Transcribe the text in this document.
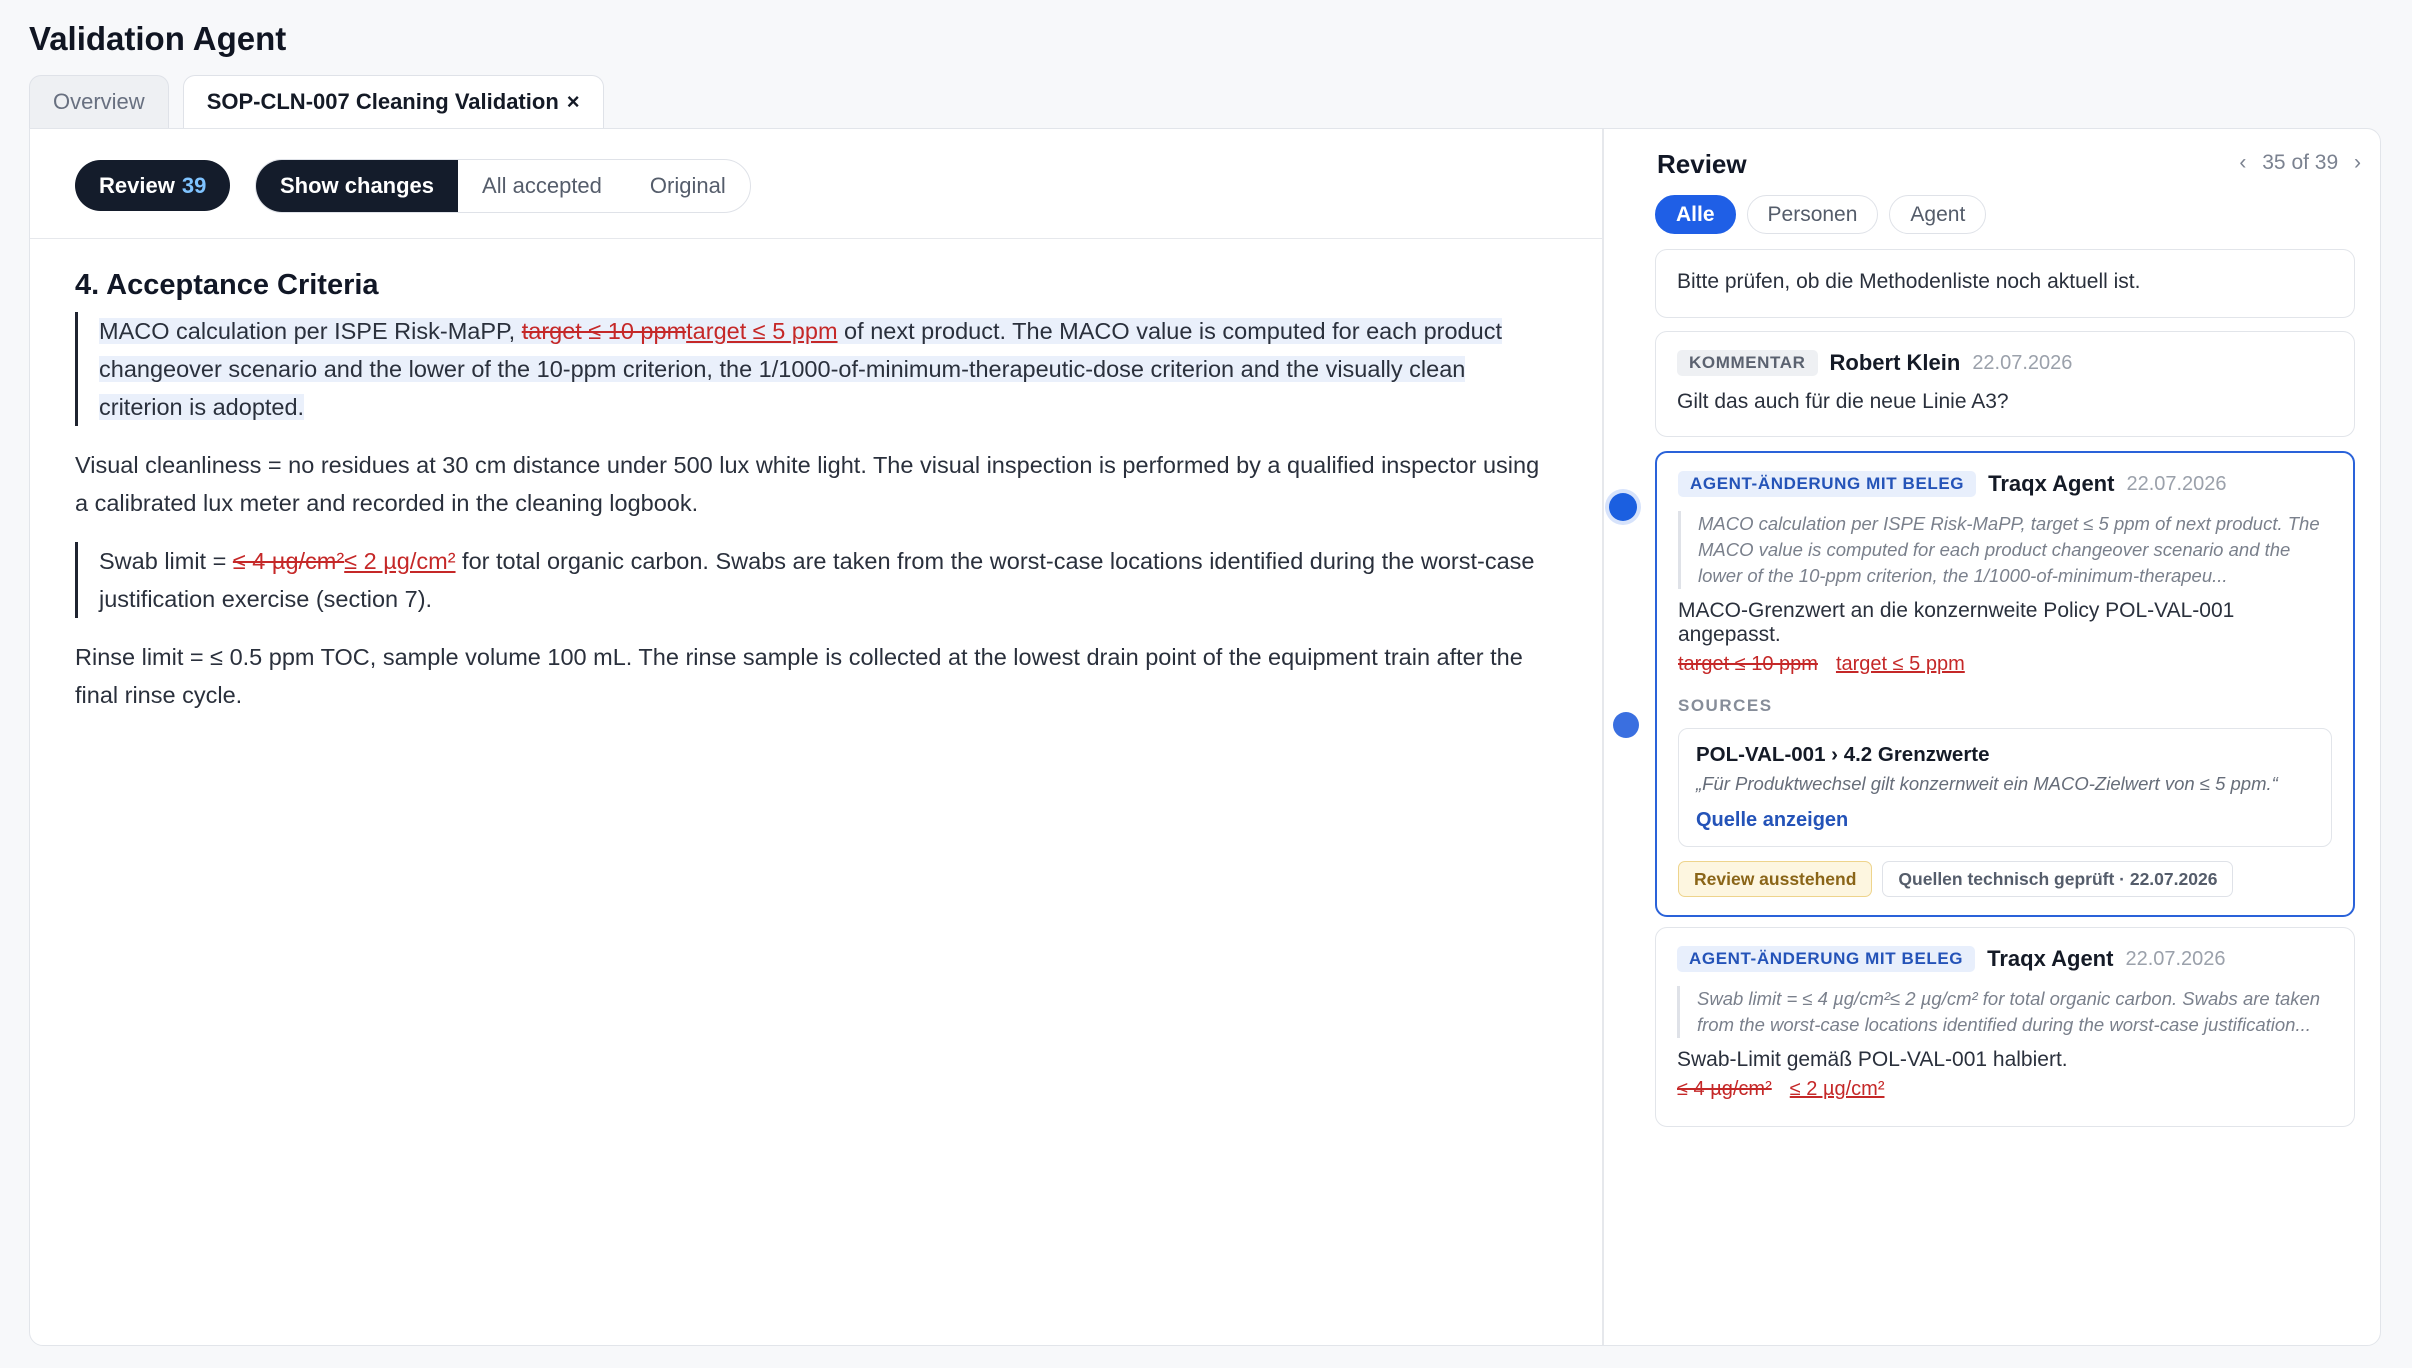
Validation Agent
Overview	SOP-CLN-007 Cleaning Validation ×
Review 39	Show changes	All accepted	Original
4. Acceptance Criteria
MACO calculation per ISPE Risk-MaPP, target ≤ 10 ppmtarget ≤ 5 ppm of next product. The MACO value is computed for each product changeover scenario and the lower of the 10-ppm criterion, the 1/1000-of-minimum-therapeutic-dose criterion and the visually clean criterion is adopted.
Visual cleanliness = no residues at 30 cm distance under 500 lux white light. The visual inspection is performed by a qualified inspector using a calibrated lux meter and recorded in the cleaning logbook.
Swab limit = ≤ 4 µg/cm²≤ 2 µg/cm² for total organic carbon. Swabs are taken from the worst-case locations identified during the worst-case justification exercise (section 7).
Rinse limit = ≤ 0.5 ppm TOC, sample volume 100 mL. The rinse sample is collected at the lowest drain point of the equipment train after the final rinse cycle.
Review	‹ 35 of 39 ›
Alle	Personen	Agent
Bitte prüfen, ob die Methodenliste noch aktuell ist.
KOMMENTAR	Robert Klein 22.07.2026
Gilt das auch für die neue Linie A3?
AGENT-ÄNDERUNG MIT BELEG	Traqx Agent 22.07.2026
MACO calculation per ISPE Risk-MaPP, target ≤ 5 ppm of next product. The MACO value is computed for each product changeover scenario and the lower of the 10-ppm criterion, the 1/1000-of-minimum-therapeu...
MACO-Grenzwert an die konzernweite Policy POL-VAL-001 angepasst.
target ≤ 10 ppm target ≤ 5 ppm
SOURCES
POL-VAL-001 › 4.2 Grenzwerte
„Für Produktwechsel gilt konzernweit ein MACO-Zielwert von ≤ 5 ppm.“
Quelle anzeigen
Review ausstehend	Quellen technisch geprüft · 22.07.2026
AGENT-ÄNDERUNG MIT BELEG	Traqx Agent 22.07.2026
Swab limit = ≤ 4 µg/cm²≤ 2 µg/cm² for total organic carbon. Swabs are taken from the worst-case locations identified during the worst-case justification...
Swab-Limit gemäß POL-VAL-001 halbiert.
≤ 4 µg/cm² ≤ 2 µg/cm²
